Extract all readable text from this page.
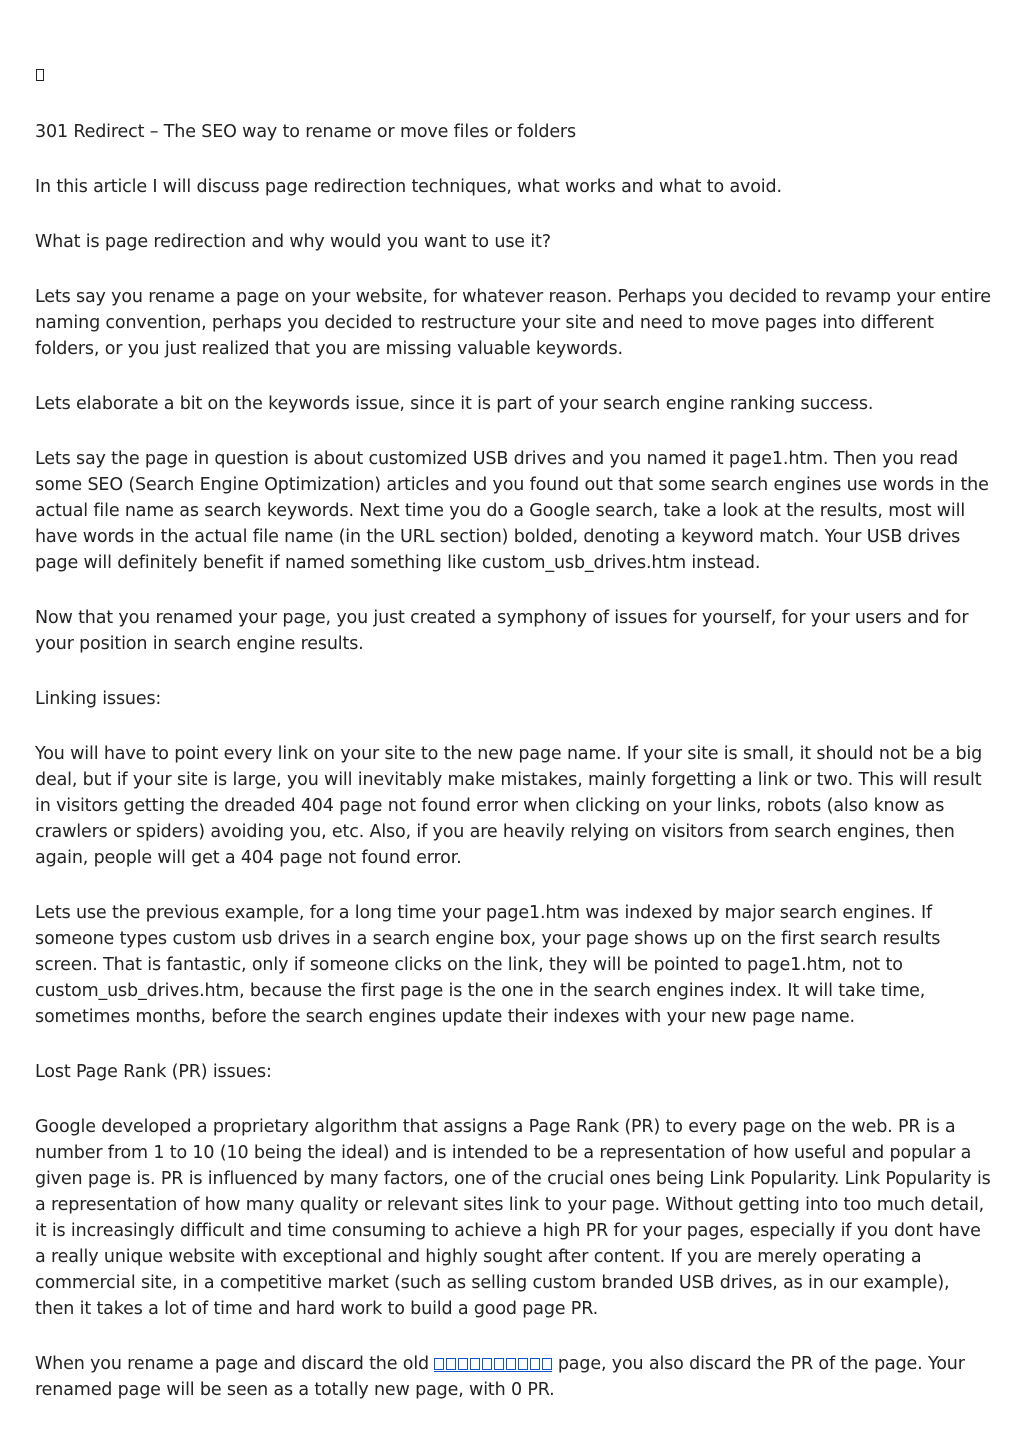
301 Redirect – The SEO way to rename or move files or folders

In this article I will discuss page redirection techniques, what works and what to avoid.

What is page redirection and why would you want to use it?

Lets say you rename a page on your website, for whatever reason. Perhaps you decided to revamp your entire naming convention, perhaps you decided to restructure your site and need to move pages into different folders, or you just realized that you are missing valuable keywords.

Lets elaborate a bit on the keywords issue, since it is part of your search engine ranking success.

Lets say the page in question is about customized USB drives and you named it page1.htm. Then you read some SEO (Search Engine Optimization) articles and you found out that some search engines use words in the actual file name as search keywords. Next time you do a Google search, take a look at the results, most will have words in the actual file name (in the URL section) bolded, denoting a keyword match. Your USB drives page will definitely benefit if named something like custom_usb_drives.htm instead.

Now that you renamed your page, you just created a symphony of issues for yourself, for your users and for your position in search engine results.

Linking issues:

You will have to point every link on your site to the new page name. If your site is small, it should not be a big deal, but if your site is large, you will inevitably make mistakes, mainly forgetting a link or two. This will result in visitors getting the dreaded 404 page not found error when clicking on your links, robots (also know as crawlers or spiders) avoiding you, etc. Also, if you are heavily relying on visitors from search engines, then again, people will get a 404 page not found error.

Lets use the previous example, for a long time your page1.htm was indexed by major search engines. If someone types custom usb drives in a search engine box, your page shows up on the first search results screen. That is fantastic, only if someone clicks on the link, they will be pointed to page1.htm, not to custom_usb_drives.htm, because the first page is the one in the search engines index. It will take time, sometimes months, before the search engines update their indexes with your new page name.

Lost Page Rank (PR) issues:

Google developed a proprietary algorithm that assigns a Page Rank (PR) to every page on the web. PR is a number from 1 to 10 (10 being the ideal) and is intended to be a representation of how useful and popular a given page is. PR is influenced by many factors, one of the crucial ones being Link Popularity. Link Popularity is a representation of how many quality or relevant sites link to your page. Without getting into too much detail, it is increasingly difficult and time consuming to achieve a high PR for your pages, especially if you dont have a really unique website with exceptional and highly sought after content. If you are merely operating a commercial site, in a competitive market (such as selling custom branded USB drives, as in our example), then it takes a lot of time and hard work to build a good page PR.

When you rename a page and discard the old	page, you also discard the PR of the page. Your renamed page will be seen as a totally new page, with 0 PR.
